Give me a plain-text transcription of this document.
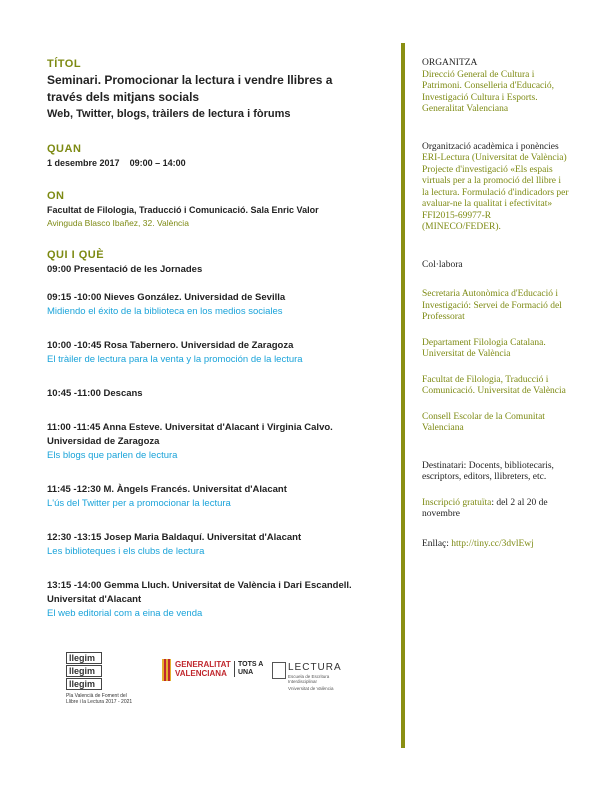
TÍTOL

Seminari. Promocionar la lectura i vendre llibres a

través dels mitjans socials

Web, Twitter, blogs, tràilers de lectura i fòrums

QUAN

1 desembre 2017 09:00 – 14:00

ON

Facultat de Filologia, Traducció i Comunicació. Sala Enric Valor

Avinguda Blasco Ibañez, 32. València

QUI I QUÈ

09:00 Presentació de les Jornades

09:15 -10:00 Nieves González. Universidad de Sevilla

Midiendo el éxito de la biblioteca en los medios sociales

10:00 -10:45 Rosa Tabernero. Universidad de Zaragoza

El tràiler de lectura para la venta y la promoción de la lectura

10:45 -11:00 Descans

11:00 -11:45 Anna Esteve. Universitat d'Alacant i Virginia Calvo. Universidad de Zaragoza

Els blogs que parlen de lectura

11:45 -12:30 M. Àngels Francés. Universitat d'Alacant

L'ús del Twitter per a promocionar la lectura

12:30 -13:15 Josep Maria Baldaquí. Universitat d'Alacant

Les biblioteques i els clubs de lectura

13:15 -14:00 Gemma Lluch. Universitat de València i Dari Escandell. Universitat d'Alacant

El web editorial com a eina de venda

ORGANITZA

Direcció General de Cultura i Patrimoni. Conselleria d'Educació, Investigació Cultura i Esports. Generalitat Valenciana

Organització acadèmica i ponències

ERI-Lectura (Universitat de València) Projecte d'investigació «Els espais virtuals per a la promoció del llibre i la lectura. Formulació d'indicadors per avaluar-ne la qualitat i efectivitat» FFI2015-69977-R (MINECO/FEDER).

Col·labora

Secretaria Autonòmica d'Educació i Investigació: Servei de Formació del Professorat

Departament Filologia Catalana. Universitat de València

Facultat de Filologia, Traducció i Comunicació. Universitat de València

Consell Escolar de la Comunitat Valenciana

Destinatari: Docents, bibliotecaris, escriptors, editors, llibreters, etc.

Inscripció gratuïta: del 2 al 20 de novembre

Enllaç: http://tiny.cc/3dvlEwj

llegim
llegim
llegim
Pla Valencià de Foment del Llibre i la Lectura 2017 - 2021
GENERALITAT VALENCIANA
TOTS A UNA	LECTURA
Escuela de Escritura Interdisciplinar
Vniversitat de València
